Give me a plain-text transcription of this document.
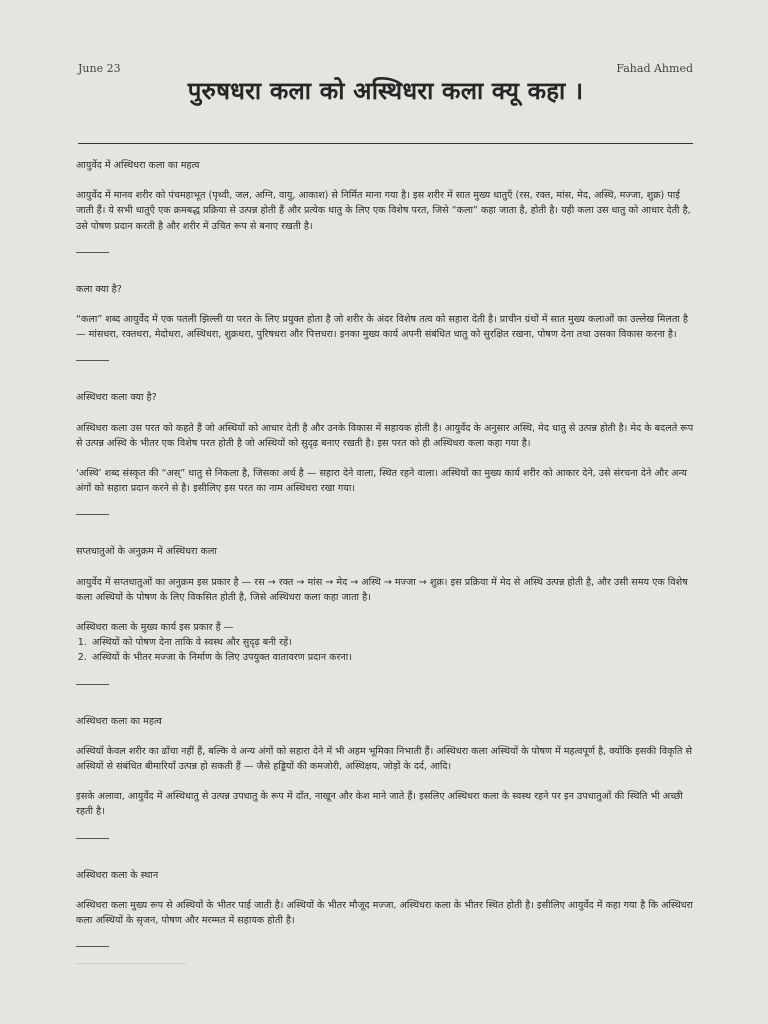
June 23	Fahad Ahmed
पुरुषधरा कला को अस्थिधरा कला क्यू कहा ।

आयुर्वेद में अस्थिधरा कला का महत्व

आयुर्वेद में मानव शरीर को पंचमहाभूत (पृथ्वी, जल, अग्नि, वायु, आकाश) से निर्मित माना गया है। इस शरीर में सात मुख्य धातुएँ (रस, रक्त, मांस, मेद, अस्थि, मज्जा, शुक्र) पाई जाती हैं। ये सभी धातुएँ एक क्रमबद्ध प्रक्रिया से उत्पन्न होती हैं और प्रत्येक धातु के लिए एक विशेष परत, जिसे “कला” कहा जाता है, होती है। यही कला उस धातु को आधार देती है, उसे पोषण प्रदान करती है और शरीर में उचित रूप से बनाए रखती है।

कला क्या है?

“कला” शब्द आयुर्वेद में एक पतली झिल्ली या परत के लिए प्रयुक्त होता है जो शरीर के अंदर विशेष तत्व को सहारा देती है। प्राचीन ग्रंथों में सात मुख्य कलाओं का उल्लेख मिलता है — मांसधरा, रक्तधरा, मेदोधरा, अस्थिधरा, शुक्रधरा, पुरिषधरा और पित्तधरा। इनका मुख्य कार्य अपनी संबंधित धातु को सुरक्षित रखना, पोषण देना तथा उसका विकास करना है।

अस्थिधरा कला क्या है?

अस्थिधरा कला उस परत को कहते हैं जो अस्थियों को आधार देती है और उनके विकास में सहायक होती है। आयुर्वेद के अनुसार अस्थि, मेद धातु से उत्पन्न होती है। मेद के बदलते रूप से उत्पन्न अस्थि के भीतर एक विशेष परत होती है जो अस्थियों को सुदृढ़ बनाए रखती है। इस परत को ही अस्थिधरा कला कहा गया है।

‘अस्थि’ शब्द संस्कृत की “अस्” धातु से निकला है, जिसका अर्थ है — सहारा देने वाला, स्थित रहने वाला। अस्थियों का मुख्य कार्य शरीर को आकार देने, उसे संरचना देने और अन्य अंगों को सहारा प्रदान करने से है। इसीलिए इस परत का नाम अस्थिधरा रखा गया।

सप्तधातुओं के अनुक्रम में अस्थिधरा कला

आयुर्वेद में सप्तधातुओं का अनुक्रम इस प्रकार है — रस → रक्त → मांस → मेद → अस्थि → मज्जा → शुक्र। इस प्रक्रिया में मेद से अस्थि उत्पन्न होती है, और उसी समय एक विशेष कला अस्थियों के पोषण के लिए विकसित होती है, जिसे अस्थिधरा कला कहा जाता है।

अस्थिधरा कला के मुख्य कार्य इस प्रकार हैं —

1. अस्थियों को पोषण देना ताकि वे स्वस्थ और सुदृढ़ बनी रहें।
2. अस्थियों के भीतर मज्जा के निर्माण के लिए उपयुक्त वातावरण प्रदान करना।

अस्थिधरा कला का महत्व

अस्थियाँ केवल शरीर का ढाँचा नहीं हैं, बल्कि वे अन्य अंगों को सहारा देने में भी अहम भूमिका निभाती हैं। अस्थिधरा कला अस्थियों के पोषण में महत्वपूर्ण है, क्योंकि इसकी विकृति से अस्थियों से संबंधित बीमारियाँ उत्पन्न हो सकती हैं — जैसे हड्डियों की कमजोरी, अस्थिक्षय, जोड़ों के दर्द, आदि।

इसके अलावा, आयुर्वेद में अस्थिधातु से उत्पन्न उपधातु के रूप में दाँत, नाखून और केश माने जाते हैं। इसलिए अस्थिधरा कला के स्वस्थ रहने पर इन उपधातुओं की स्थिति भी अच्छी रहती है।

अस्थिधरा कला के स्थान

अस्थिधरा कला मुख्य रूप से अस्थियों के भीतर पाई जाती है। अस्थियों के भीतर मौजूद मज्जा, अस्थिधरा कला के भीतर स्थित होती है। इसीलिए आयुर्वेद में कहा गया है कि अस्थिधरा कला अस्थियों के सृजन, पोषण और मरम्मत में सहायक होती है।
